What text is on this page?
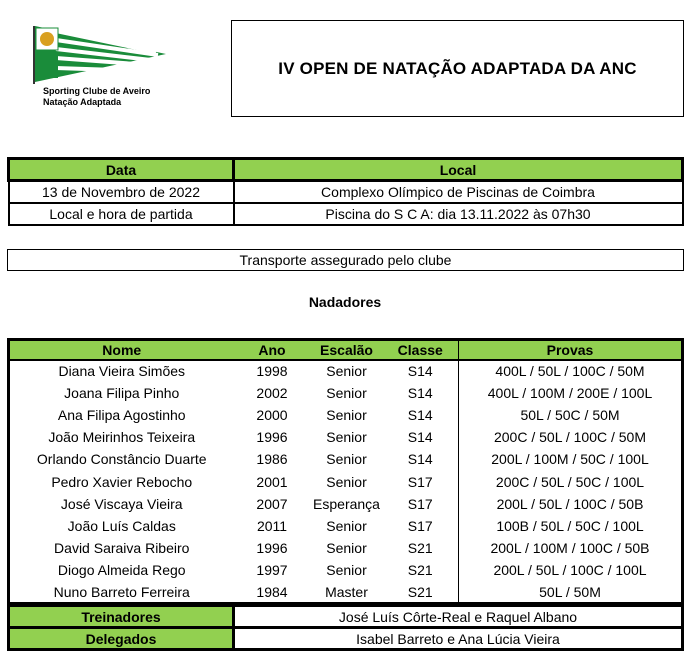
Sporting Clube de Aveiro
Natação Adaptada
IV OPEN DE NATAÇÃO ADAPTADA DA ANC
Data	Local
13 de Novembro de 2022	Complexo Olímpico de Piscinas de Coimbra
Local e hora de partida	Piscina do S C A: dia 13.11.2022 às 07h30
Transporte assegurado pelo clube
Nadadores
Nome	Ano	Escalão	Classe	Provas
Diana Vieira Simões	1998	Senior	S14	400L / 50L / 100C / 50M
Joana Filipa Pinho	2002	Senior	S14	400L / 100M / 200E / 100L
Ana Filipa Agostinho	2000	Senior	S14	50L / 50C / 50M
João Meirinhos Teixeira	1996	Senior	S14	200C / 50L / 100C / 50M
Orlando Constâncio Duarte	1986	Senior	S14	200L / 100M / 50C / 100L
Pedro Xavier Rebocho	2001	Senior	S17	200C / 50L / 50C / 100L
José Viscaya Vieira	2007	Esperança	S17	200L / 50L / 100C / 50B
João Luís Caldas	2011	Senior	S17	100B / 50L / 50C / 100L
David Saraiva Ribeiro	1996	Senior	S21	200L / 100M / 100C / 50B
Diogo Almeida Rego	1997	Senior	S21	200L / 50L / 100C / 100L
Nuno Barreto Ferreira	1984	Master	S21	50L / 50M
Treinadores	José Luís Côrte-Real e Raquel Albano
Delegados	Isabel Barreto e Ana Lúcia Vieira
